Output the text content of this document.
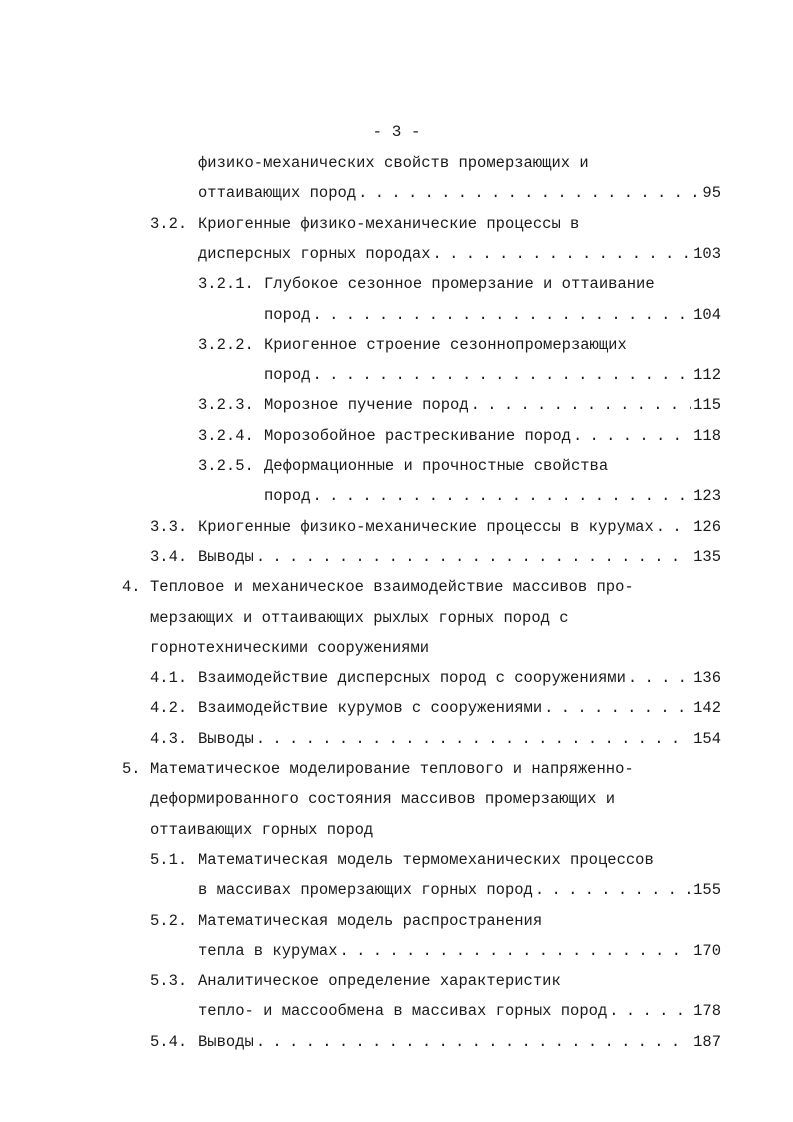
- 3 -
физико-механических свойств промерзающих и
оттаивающих пород . . .	95
3.2. Криогенные физико-механические процессы в
дисперсных горных породах . . .	103
3.2.1. Глубокое сезонное промерзание и оттаивание
пород . . .	104
3.2.2. Криогенное строение сезоннопромерзающих
пород . . .	112
3.2.3. Морозное пучение пород . . .	115
3.2.4. Морозобойное растрескивание пород . . .	118
3.2.5. Деформационные и прочностные свойства
пород . . .	123
3.3. Криогенные физико-механические процессы в курумах . . .	126
3.4. Выводы . . .	135
4. Тепловое и механическое взаимодействие массивов про-
мерзающих и оттаивающих рыхлых горных пород с
горнотехническими сооружениями
4.1. Взаимодействие дисперсных пород с сооружениями . . .	136
4.2. Взаимодействие курумов с сооружениями . . .	142
4.3. Выводы . . .	154
5. Математическое моделирование теплового и напряженно-
деформированного состояния массивов промерзающих и
оттаивающих горных пород
5.1. Математическая модель термомеханических процессов
в массивах промерзающих горных пород . . .	155
5.2. Математическая модель распространения
тепла в курумах . . .	170
5.3. Аналитическое определение характеристик
тепло- и массообмена в массивах горных пород . . .	178
5.4. Выводы . . .	187
